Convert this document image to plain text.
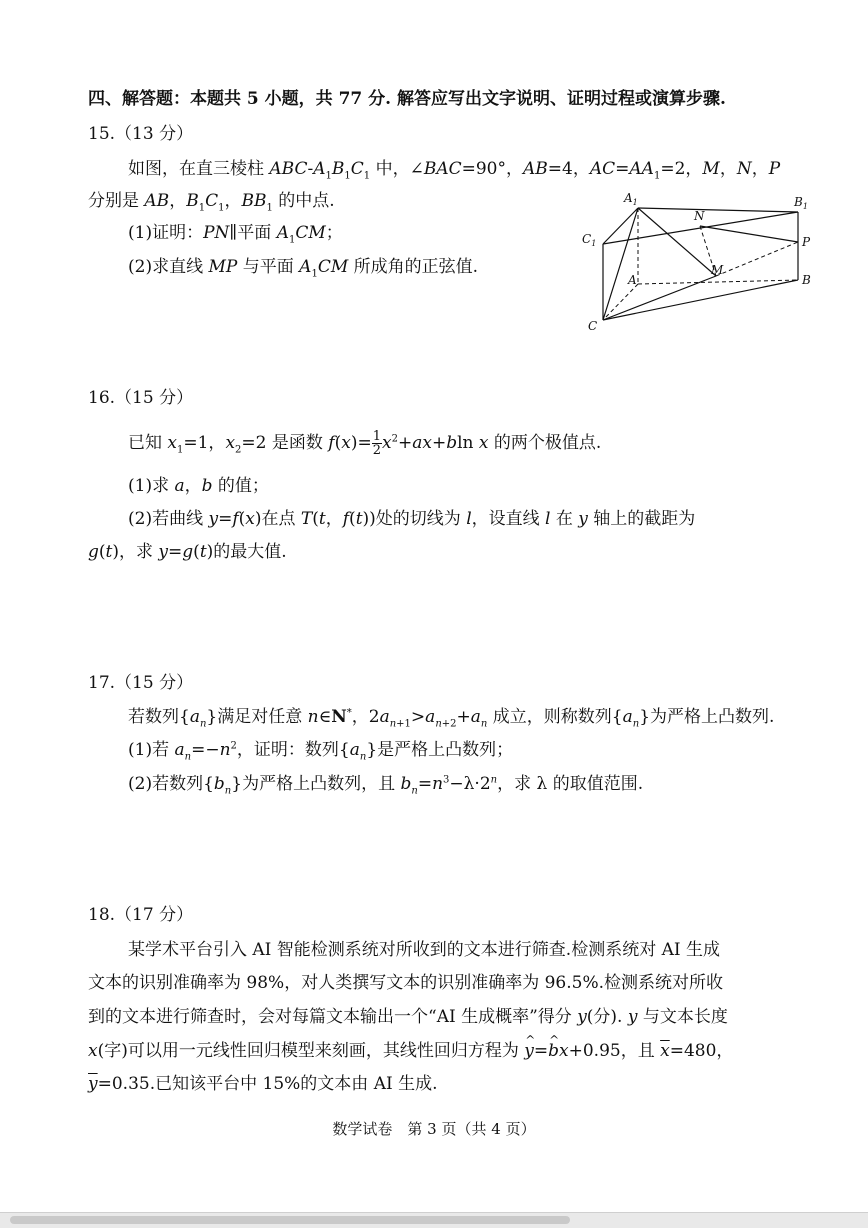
四、解答题：本题共 5 小题，共 77 分. 解答应写出文字说明、证明过程或演算步骤.
15.（13 分）
如图，在直三棱柱 ABC-$A_1B_1C_1$ 中，∠BAC=90°，AB=4，$AC=AA_1=2$，M，N，P
分别是 AB，$B_1C_1$，$BB_1$ 的中点.
(1)证明：PN∥平面 $A_1CM$；
(2)求直线 MP 与平面 $A_1CM$ 所成角的正弦值.
$A_1$	$B_1$
$C_1$
N
P
A
M
B
C
16.（15 分）
已知 $x_1=1$，$x_2=2$ 是函数 $f(x)= \frac{1}{2} x^2+ax+bln$ x 的两个极值点.
(1)求 a，b 的值；
(2)若曲线 y=f(x)在点 T(t，f(t))处的切线为 l，设直线 l 在 y 轴上的截距为
g(t)，求 y=g(t)的最大值.
17.（15 分）
若数列$\{a_n\}$满足对任意 n∈N*，$2a_{n+1}>a_{n+2}+a_n$ 成立，则称数列$\{a_n\}$为严格上凸数列.
(1)若 $a_n=-n^2$，证明：数列$\{a_n\}$是严格上凸数列；
(2)若数列$\{b_n\}$为严格上凸数列，且 $b_n=n^3-\lambda\cdot 2^n$，求 λ 的取值范围.
18.（17 分）
某学术平台引入 AI 智能检测系统对所收到的文本进行筛查.检测系统对 AI 生成
文本的识别准确率为 98%，对人类撰写文本的识别准确率为 96.5%.检测系统对所收
到的文本进行筛查时，会对每篇文本输出一个“AI 生成概率”得分 y(分). y 与文本长度
x(字)可以用一元线性回归模型来刻画，其线性回归方程为 ^ y=^ bx+0.95，且 $\overline{x}=480$，
$\overline{y}=0.35$.已知该平台中 15%的文本由 AI 生成.
数学试卷　第 3 页（共 4 页）
